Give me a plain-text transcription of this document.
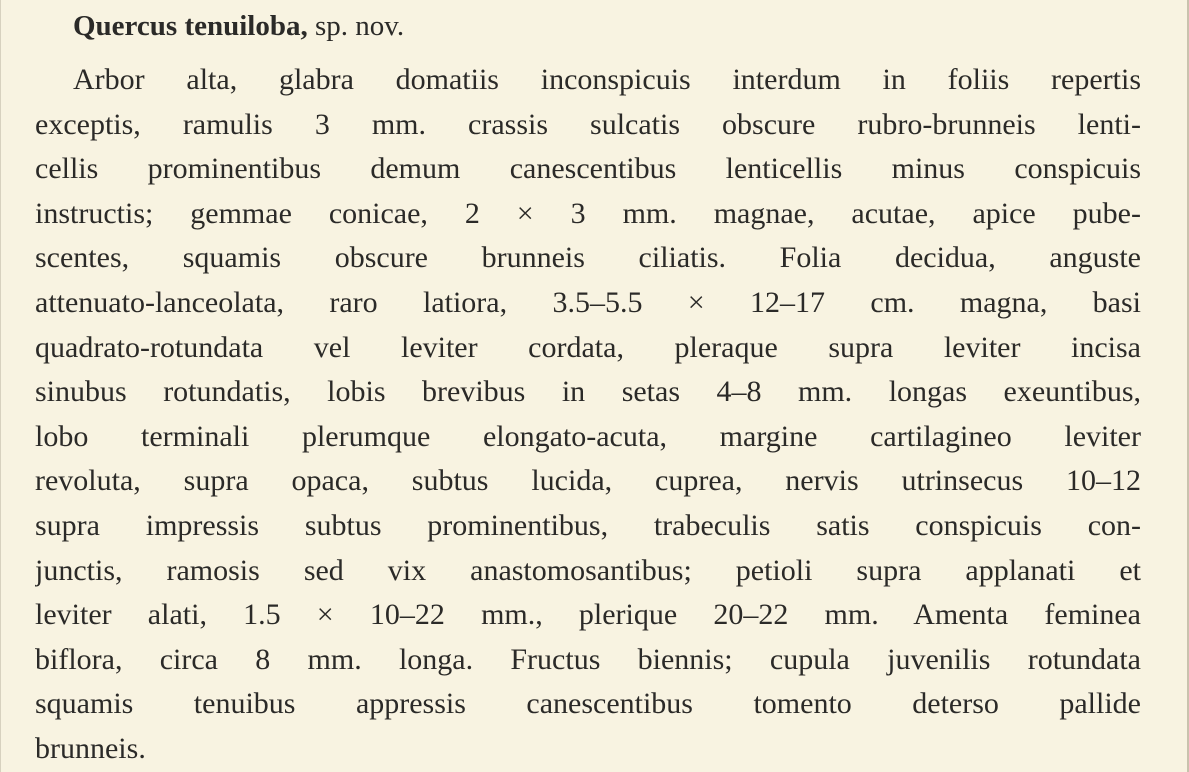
Quercus tenuiloba, sp. nov.
Arbor alta, glabra domatiis inconspicuis interdum in foliis repertis
exceptis, ramulis 3 mm. crassis sulcatis obscure rubro-brunneis lenti-
cellis prominentibus demum canescentibus lenticellis minus conspicuis
instructis; gemmae conicae, 2 × 3 mm. magnae, acutae, apice pube-
scentes, squamis obscure brunneis ciliatis. Folia decidua, anguste
attenuato-lanceolata, raro latiora, 3.5–5.5 × 12–17 cm. magna, basi
quadrato-rotundata vel leviter cordata, pleraque supra leviter incisa
sinubus rotundatis, lobis brevibus in setas 4–8 mm. longas exeuntibus,
lobo terminali plerumque elongato-acuta, margine cartilagineo leviter
revoluta, supra opaca, subtus lucida, cuprea, nervis utrinsecus 10–12
supra impressis subtus prominentibus, trabeculis satis conspicuis con-
junctis, ramosis sed vix anastomosantibus; petioli supra applanati et
leviter alati, 1.5 × 10–22 mm., plerique 20–22 mm. Amenta feminea
biflora, circa 8 mm. longa. Fructus biennis; cupula juvenilis rotundata
squamis tenuibus appressis canescentibus tomento deterso pallide
brunneis.
